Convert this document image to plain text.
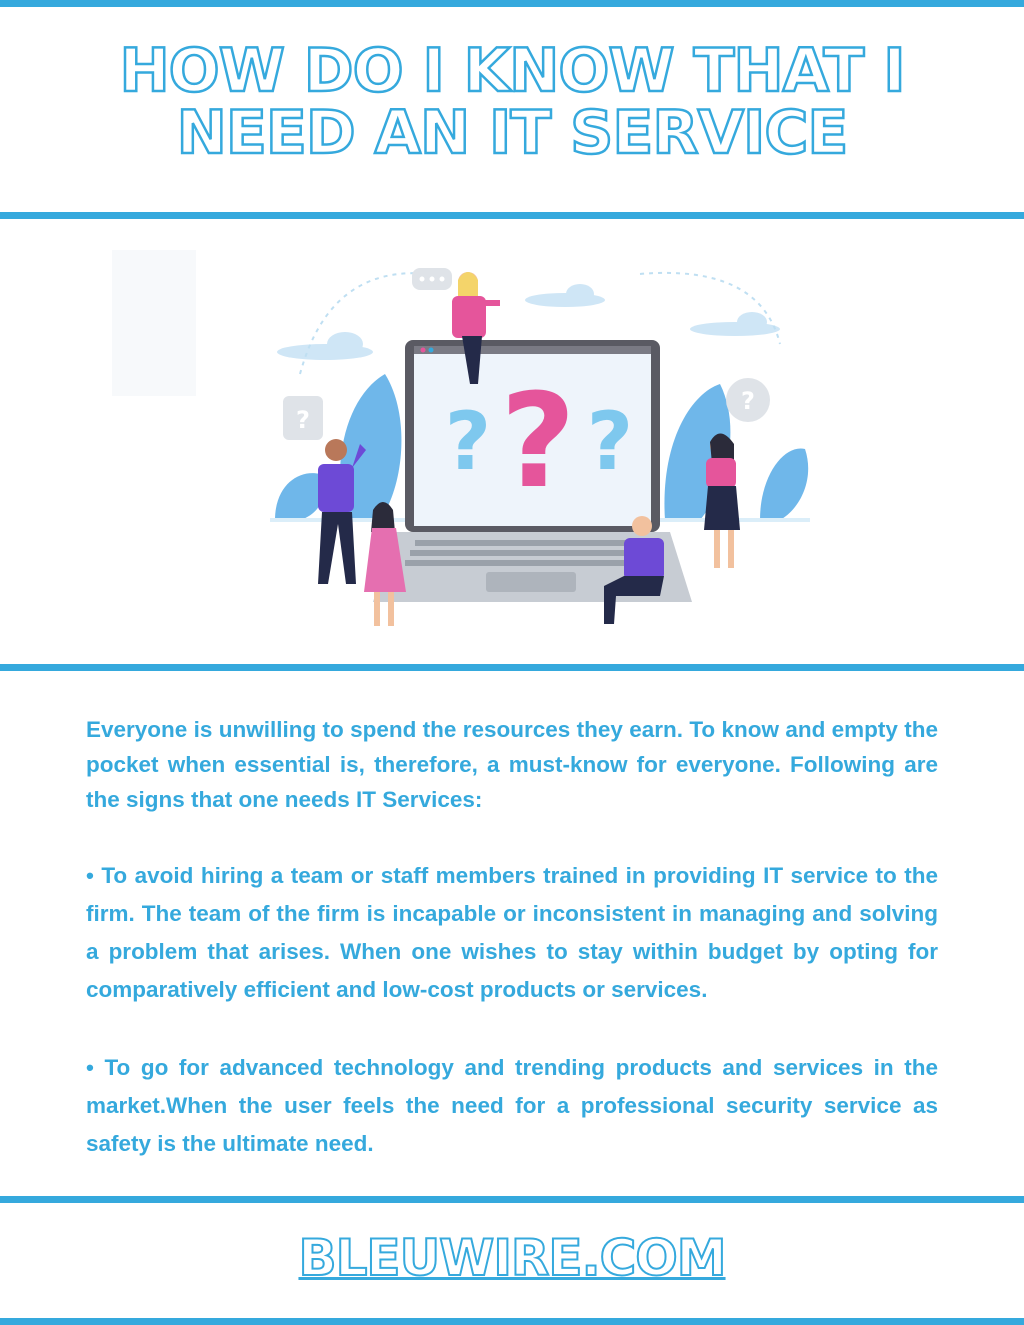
HOW DO I KNOW THAT I
NEED AN IT SERVICE
?
? ?
?
?

Everyone is unwilling to spend the resources they earn. To know and empty the pocket when essential is, therefore, a must-know for everyone. Following are the signs that one needs IT Services:

• To avoid hiring a team or staff members trained in providing IT service to the firm. The team of the firm is incapable or inconsistent in managing and solving a problem that arises. When one wishes to stay within budget by opting for comparatively efficient and low-cost products or services.

• To go for advanced technology and trending products and services in the market.When the user feels the need for a professional security service as safety is the ultimate need.

BLEUWIRE.COM
